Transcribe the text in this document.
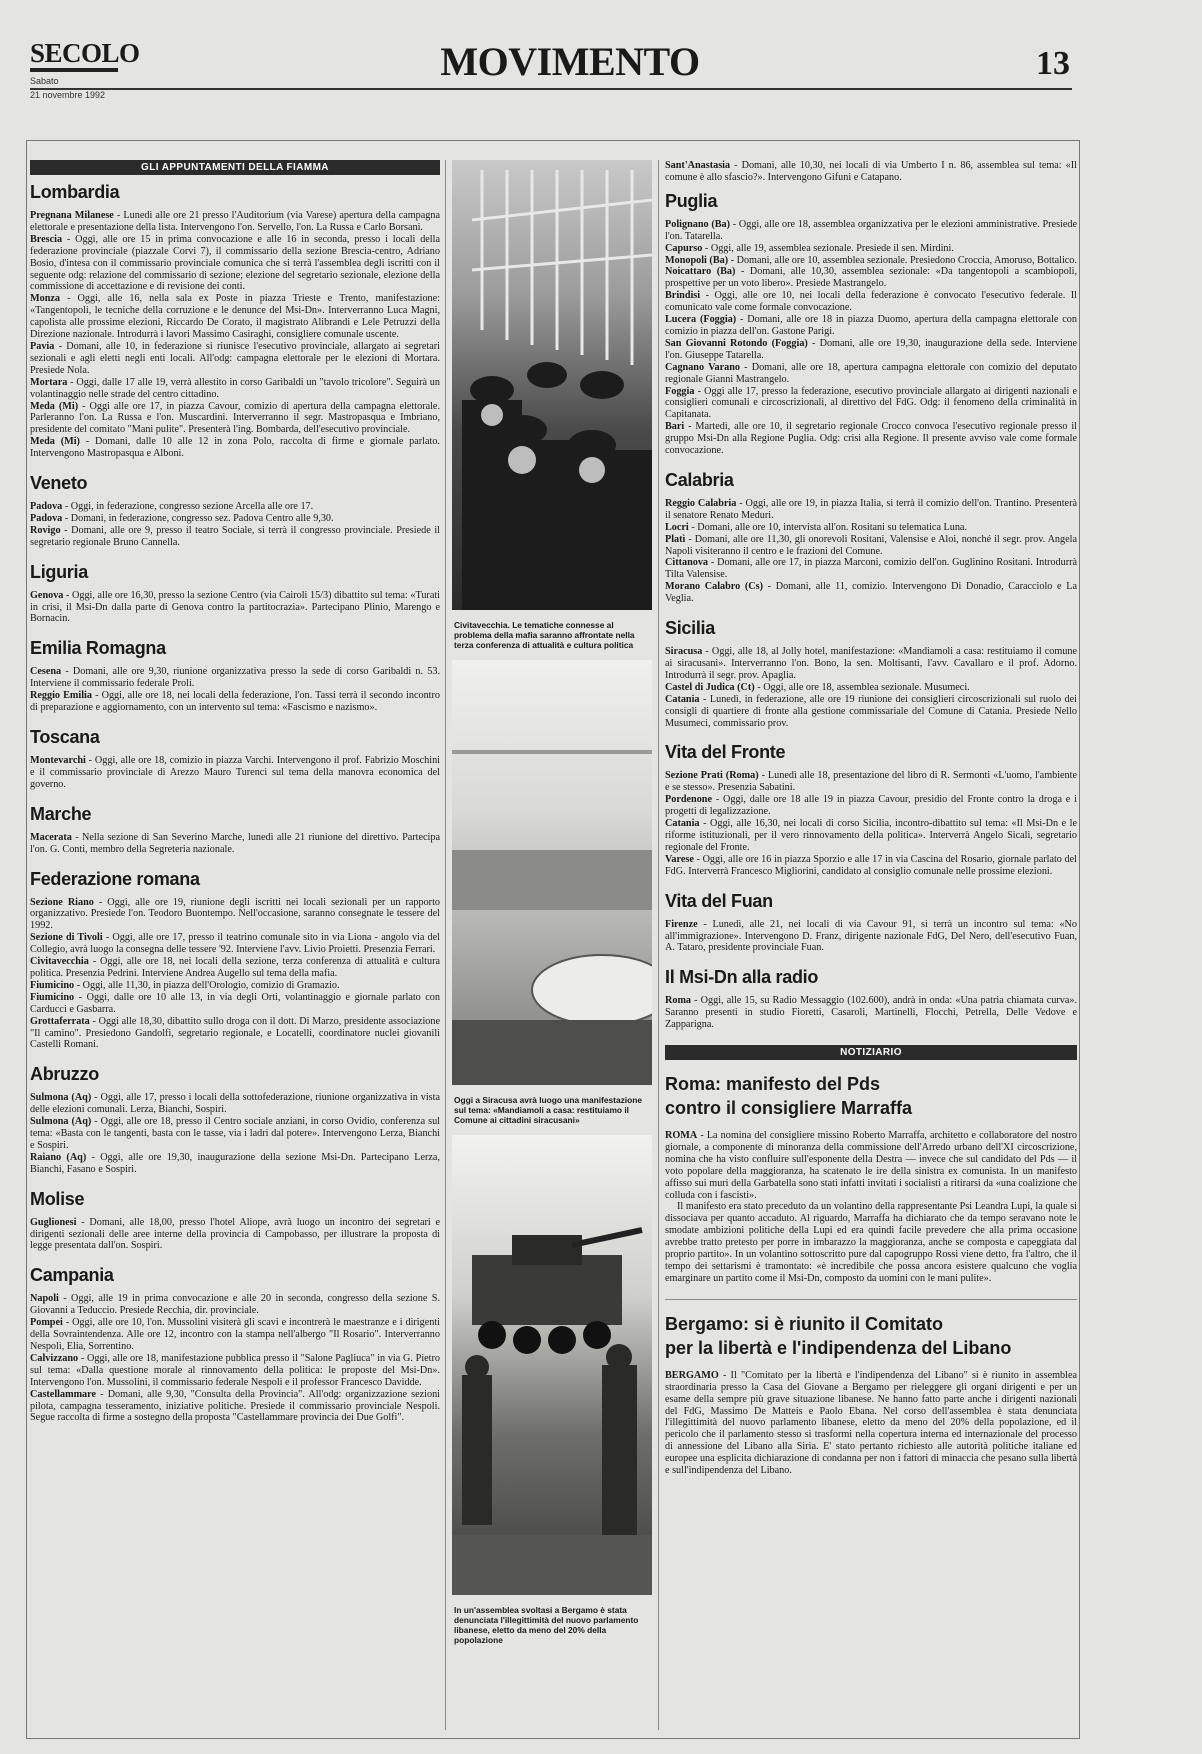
SECOLO
Sabato
21 novembre 1992
MOVIMENTO	13
GLI APPUNTAMENTI DELLA FIAMMA
Lombardia

Pregnana Milanese - Lunedì alle ore 21 presso l'Auditorium (via Varese) apertura della campagna elettorale e presentazione della lista. Intervengono l'on. Servello, l'on. La Russa e Carlo Borsani.

Brescia - Oggi, alle ore 15 in prima convocazione e alle 16 in seconda, presso i locali della federazione provinciale (piazzale Corvi 7), il commissario della sezione Brescia-centro, Adriano Bosio, d'intesa con il commissario provinciale comunica che si terrà l'assemblea degli iscritti con il seguente odg: relazione del commissario di sezione; elezione del segretario sezionale, elezione della commissione di accettazione e di revisione dei conti.

Monza - Oggi, alle 16, nella sala ex Poste in piazza Trieste e Trento, manifestazione: «Tangentopoli, le tecniche della corruzione e le denunce del Msi-Dn». Interverranno Luca Magni, capolista alle prossime elezioni, Riccardo De Corato, il magistrato Alibrandi e Lele Petruzzi della Direzione nazionale. Introdurrà i lavori Massimo Casiraghi, consigliere comunale uscente.

Pavia - Domani, alle 10, in federazione si riunisce l'esecutivo provinciale, allargato ai segretari sezionali e agli eletti negli enti locali. All'odg: campagna elettorale per le elezioni di Mortara. Presiede Nola.

Mortara - Oggi, dalle 17 alle 19, verrà allestito in corso Garibaldi un "tavolo tricolore". Seguirà un volantinaggio nelle strade del centro cittadino.

Meda (Mi) - Oggi alle ore 17, in piazza Cavour, comizio di apertura della campagna elettorale. Parleranno l'on. La Russa e l'on. Muscardini. Interverranno il segr. Mastropasqua e Imbriano, presidente del comitato "Mani pulite". Presenterà l'ing. Bombarda, dell'esecutivo provinciale.

Meda (Mi) - Domani, dalle 10 alle 12 in zona Polo, raccolta di firme e giornale parlato. Intervengono Mastropasqua e Alboni.

Veneto

Padova - Oggi, in federazione, congresso sezione Arcella alle ore 17.

Padova - Domani, in federazione, congresso sez. Padova Centro alle 9,30.

Rovigo - Domani, alle ore 9, presso il teatro Sociale, si terrà il congresso provinciale. Presiede il segretario regionale Bruno Cannella.

Liguria

Genova - Oggi, alle ore 16,30, presso la sezione Centro (via Cairoli 15/3) dibattito sul tema: «Turati in crisi, il Msi-Dn dalla parte di Genova contro la partitocrazia». Partecipano Plinio, Marengo e Bornacin.

Emilia Romagna

Cesena - Domani, alle ore 9,30, riunione organizzativa presso la sede di corso Garibaldi n. 53. Interviene il commissario federale Proli.

Reggio Emilia - Oggi, alle ore 18, nei locali della federazione, l'on. Tassi terrà il secondo incontro di preparazione e aggiornamento, con un intervento sul tema: «Fascismo e nazismo».

Toscana

Montevarchi - Oggi, alle ore 18, comizio in piazza Varchi. Intervengono il prof. Fabrizio Moschini e il commissario provinciale di Arezzo Mauro Turenci sul tema della manovra economica del governo.

Marche

Macerata - Nella sezione di San Severino Marche, lunedì alle 21 riunione del direttivo. Partecipa l'on. G. Conti, membro della Segreteria nazionale.

Federazione romana

Sezione Riano - Oggi, alle ore 19, riunione degli iscritti nei locali sezionali per un rapporto organizzativo. Presiede l'on. Teodoro Buontempo. Nell'occasione, saranno consegnate le tessere del 1992.

Sezione di Tivoli - Oggi, alle ore 17, presso il teatrino comunale sito in via Liona - angolo via del Collegio, avrà luogo la consegna delle tessere '92. Interviene l'avv. Livio Proietti. Presenzia Ferrari.

Civitavecchia - Oggi, alle ore 18, nei locali della sezione, terza conferenza di attualità e cultura politica. Presenzia Pedrini. Interviene Andrea Augello sul tema della mafia.

Fiumicino - Oggi, alle 11,30, in piazza dell'Orologio, comizio di Gramazio.

Fiumicino - Oggi, dalle ore 10 alle 13, in via degli Orti, volantinaggio e giornale parlato con Carducci e Gasbarra.

Grottaferrata - Oggi alle 18,30, dibattito sullo droga con il dott. Di Marzo, presidente associazione "Il camino". Presiedono Gandolfi, segretario regionale, e Locatelli, coordinatore nuclei giovanili Castelli Romani.

Abruzzo

Sulmona (Aq) - Oggi, alle 17, presso i locali della sottofederazione, riunione organizzativa in vista delle elezioni comunali. Lerza, Bianchi, Sospiri.

Sulmona (Aq) - Oggi, alle ore 18, presso il Centro sociale anziani, in corso Ovidio, conferenza sul tema: «Basta con le tangenti, basta con le tasse, via i ladri dal potere». Intervengono Lerza, Bianchi e Sospiri.

Raiano (Aq) - Oggi, alle ore 19,30, inaugurazione della sezione Msi-Dn. Partecipano Lerza, Bianchi, Fasano e Sospiri.

Molise

Guglionesi - Domani, alle 18,00, presso l'hotel Aliope, avrà luogo un incontro dei segretari e dirigenti sezionali delle aree interne della provincia di Campobasso, per illustrare la proposta di legge presentata dall'on. Sospiri.

Campania

Napoli - Oggi, alle 19 in prima convocazione e alle 20 in seconda, congresso della sezione S. Giovanni a Teduccio. Presiede Recchia, dir. provinciale.

Pompei - Oggi, alle ore 10, l'on. Mussolini visiterà gli scavi e incontrerà le maestranze e i dirigenti della Sovraintendenza. Alle ore 12, incontro con la stampa nell'albergo "Il Rosario". Interverranno Nespoli, Elia, Sorrentino.

Calvizzano - Oggi, alle ore 18, manifestazione pubblica presso il "Salone Pagliuca" in via G. Pietro sul tema: «Dalla questione morale al rinnovamento della politica: le proposte del Msi-Dn». Intervengono l'on. Mussolini, il commissario federale Nespoli e il professor Francesco Davidde.

Castellammare - Domani, alle 9,30, "Consulta della Provincia". All'odg: organizzazione sezioni pilota, campagna tesseramento, iniziative politiche. Presiede il commissario provinciale Nespoli. Segue raccolta di firme a sostegno della proposta "Castellammare provincia dei Due Golfi".

Civitavecchia. Le tematiche connesse al problema della mafia saranno affrontate nella terza conferenza di attualità e cultura politica
Oggi a Siracusa avrà luogo una manifestazione sul tema: «Mandiamoli a casa: restituiamo il Comune ai cittadini siracusani»
In un'assemblea svoltasi a Bergamo è stata denunciata l'illegittimità del nuovo parlamento libanese, eletto da meno del 20% della popolazione

Sant'Anastasia - Domani, alle 10,30, nei locali di via Umberto I n. 86, assemblea sul tema: «Il comune è allo sfascio?». Intervengono Gifuni e Catapano.

Puglia

Polignano (Ba) - Oggi, alle ore 18, assemblea organizzativa per le elezioni amministrative. Presiede l'on. Tatarella.

Capurso - Oggi, alle 19, assemblea sezionale. Presiede il sen. Mirdini.

Monopoli (Ba) - Domani, alle ore 10, assemblea sezionale. Presiedono Croccia, Amoruso, Bottalico.

Noicattaro (Ba) - Domani, alle 10,30, assemblea sezionale: «Da tangentopoli a scambiopoli, prospettive per un voto libero». Presiede Mastrangelo.

Brindisi - Oggi, alle ore 10, nei locali della federazione è convocato l'esecutivo federale. Il comunicato vale come formale convocazione.

Lucera (Foggia) - Domani, alle ore 18 in piazza Duomo, apertura della campagna elettorale con comizio in piazza dell'on. Gastone Parigi.

San Giovanni Rotondo (Foggia) - Domani, alle ore 19,30, inaugurazione della sede. Interviene l'on. Giuseppe Tatarella.

Cagnano Varano - Domani, alle ore 18, apertura campagna elettorale con comizio del deputato regionale Gianni Mastrangelo.

Foggia - Oggi alle 17, presso la federazione, esecutivo provinciale allargato ai dirigenti nazionali e consiglieri comunali e circoscrizionali, al direttivo del FdG. Odg: il fenomeno della criminalità in Capitanata.

Bari - Martedì, alle ore 10, il segretario regionale Crocco convoca l'esecutivo regionale presso il gruppo Msi-Dn alla Regione Puglia. Odg: crisi alla Regione. Il presente avviso vale come formale convocazione.

Calabria

Reggio Calabria - Oggi, alle ore 19, in piazza Italia, si terrà il comizio dell'on. Trantino. Presenterà il senatore Renato Meduri.

Locri - Domani, alle ore 10, intervista all'on. Rositani su telematica Luna.

Platì - Domani, alle ore 11,30, gli onorevoli Rositani, Valensise e Aloi, nonché il segr. prov. Angela Napoli visiteranno il centro e le frazioni del Comune.

Cittanova - Domani, alle ore 17, in piazza Marconi, comizio dell'on. Guglinino Rositani. Introdurrà Tilta Valensise.

Morano Calabro (Cs) - Domani, alle 11, comizio. Intervengono Di Donadio, Caracciolo e La Veglia.

Sicilia

Siracusa - Oggi, alle 18, al Jolly hotel, manifestazione: «Mandiamoli a casa: restituiamo il comune ai siracusani». Interverranno l'on. Bono, la sen. Moltisanti, l'avv. Cavallaro e il prof. Adorno. Introdurrà il segr. prov. Apaglia.

Castel di Judica (Ct) - Oggi, alle ore 18, assemblea sezionale. Musumeci.

Catania - Lunedì, in federazione, alle ore 19 riunione dei consiglieri circoscrizionali sul ruolo dei consigli di quartiere di fronte alla gestione commissariale del Comune di Catania. Presiede Nello Musumeci, commissario prov.

Vita del Fronte

Sezione Prati (Roma) - Lunedì alle 18, presentazione del libro di R. Sermonti «L'uomo, l'ambiente e se stesso». Presenzia Sabatini.

Pordenone - Oggi, dalle ore 18 alle 19 in piazza Cavour, presidio del Fronte contro la droga e i progetti di legalizzazione.

Catania - Oggi, alle 16,30, nei locali di corso Sicilia, incontro-dibattito sul tema: «Il Msi-Dn e le riforme istituzionali, per il vero rinnovamento della politica». Interverrà Angelo Sicali, segretario regionale del Fronte.

Varese - Oggi, alle ore 16 in piazza Sporzio e alle 17 in via Cascina del Rosario, giornale parlato del FdG. Interverrà Francesco Migliorini, candidato al consiglio comunale nelle prossime elezioni.

Vita del Fuan

Firenze - Lunedì, alle 21, nei locali di via Cavour 91, si terrà un incontro sul tema: «No all'immigrazione». Intervengono D. Franz, dirigente nazionale FdG, Del Nero, dell'esecutivo Fuan, A. Tataro, presidente provinciale Fuan.

Il Msi-Dn alla radio

Roma - Oggi, alle 15, su Radio Messaggio (102.600), andrà in onda: «Una patria chiamata curva». Saranno presenti in studio Fioretti, Casaroli, Martinelli, Flocchi, Petrella, Delle Vedove e Zapparigna.

NOTIZIARIO
Roma: manifesto del Pds
contro il consigliere Marraffa

ROMA - La nomina del consigliere missino Roberto Marraffa, architetto e collaboratore del nostro giornale, a componente di minoranza della commissione dell'Arredo urbano dell'XI circoscrizione, nomina che ha visto confluire sull'esponente della Destra — invece che sul candidato del Pds — il voto popolare della maggioranza, ha scatenato le ire della sinistra ex comunista. In un manifesto affisso sui muri della Garbatella sono stati infatti invitati i socialisti a ritirarsi da «una coalizione che colluda con i fascisti».

Il manifesto era stato preceduto da un volantino della rappresentante Psi Leandra Lupi, la quale si dissociava per quanto accaduto. Al riguardo, Marraffa ha dichiarato che da tempo seravano note le smodate ambizioni politiche della Lupi ed era quindi facile prevedere che alla prima occasione avrebbe tratto pretesto per porre in imbarazzo la maggioranza, anche se composta e capeggiata dal proprio partito». In un volantino sottoscritto pure dal capogruppo Rossi viene detto, fra l'altro, che il tempo dei settarismi è tramontato: «è incredibile che possa ancora esistere qualcuno che voglia emarginare un partito come il Msi-Dn, composto da uomini con le mani pulite».

Bergamo: si è riunito il Comitato
per la libertà e l'indipendenza del Libano

BERGAMO - Il "Comitato per la libertà e l'indipendenza del Libano" si è riunito in assemblea straordinaria presso la Casa del Giovane a Bergamo per rieleggere gli organi dirigenti e per un esame della sempre più grave situazione libanese. Ne hanno fatto parte anche i dirigenti nazionali del FdG, Massimo De Matteis e Paolo Ebana. Nel corso dell'assemblea è stata denunciata l'illegittimità del nuovo parlamento libanese, eletto da meno del 20% della popolazione, ed il pericolo che il parlamento stesso si trasformi nella copertura interna ed internazionale del processo di annessione del Libano alla Siria. E' stato pertanto richiesto alle autorità politiche italiane ed europee una esplicita dichiarazione di condanna per non i fattori di minaccia che pesano sulla libertà e sull'indipendenza del Libano.
